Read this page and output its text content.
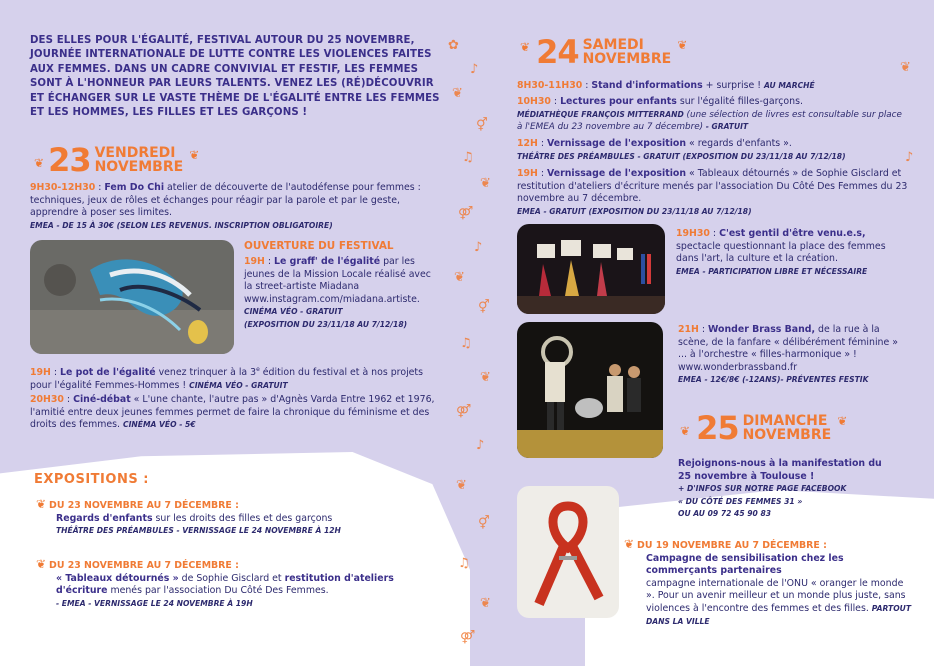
✿
♪
❦
⚥
♫
❦
⚤
♪
❦
⚥
♫
❦
⚤
♪
❦
⚥
♫
❦
⚤
❦
♪
DES ELLES POUR L'ÉGALITÉ, FESTIVAL AUTOUR DU 25 NOVEMBRE, JOURNÉE INTERNATIONALE DE LUTTE CONTRE LES VIOLENCES FAITES AUX FEMMES. DANS UN CADRE CONVIVIAL ET FESTIF, LES FEMMES SONT À L'HONNEUR PAR LEURS TALENTS. VENEZ LES (RÉ)DÉCOUVRIR ET ÉCHANGER SUR LE VASTE THÈME DE L'ÉGALITÉ ENTRE LES FEMMES ET LES HOMMES, LES FILLES ET LES GARÇONS !
❦ 23 VENDREDI
NOVEMBRE
❦
9H30-12H30 : Fem Do Chi atelier de découverte de l'autodéfense pour femmes : techniques, jeux de rôles et échanges pour réagir par la parole et par le geste, apprendre à poser ses limites.
EMEA - DE 15 À 30€ (SELON LES REVENUS. INSCRIPTION OBLIGATOIRE)
OUVERTURE DU FESTIVAL
19H : Le graff' de l'égalité par les jeunes de la Mission Locale réalisé avec la street-artiste Miadana www.instagram.com/miadana.artiste.
CINÉMA VÉO - GRATUIT
(EXPOSITION DU 23/11/18 AU 7/12/18)
19H : Le pot de l'égalité venez trinquer à la 3e édition du festival et à nos projets pour l'égalité Femmes-Hommes ! CINÉMA VÉO - GRATUIT
20H30 : Ciné-débat « L'une chante, l'autre pas » d'Agnès Varda Entre 1962 et 1976, l'amitié entre deux jeunes femmes permet de faire la chronique du féminisme et des droits des femmes. CINÉMA VÉO - 5€
EXPOSITIONS :
❦ DU 23 NOVEMBRE AU 7 DÉCEMBRE :
Regards d'enfants sur les droits des filles et des garçons
THÉÂTRE DES PRÉAMBULES - VERNISSAGE LE 24 NOVEMBRE À 12H
❦ DU 23 NOVEMBRE AU 7 DÉCEMBRE :
« Tableaux détournés » de Sophie Gisclard et restitution d'ateliers d'écriture menés par l'association Du Côté Des Femmes.
- EMEA - VERNISSAGE LE 24 NOVEMBRE À 19H
❦ 24 SAMEDI
NOVEMBRE
❦
8H30-11H30 : Stand d'informations + surprise ! AU MARCHÉ
10H30 : Lectures pour enfants sur l'égalité filles-garçons.
MÉDIATHÈQUE FRANÇOIS MITTERRAND (une sélection de livres est consultable sur place à l'EMEA du 23 novembre au 7 décembre) - GRATUIT
12H : Vernissage de l'exposition « regards d'enfants ».
THÉÂTRE DES PRÉAMBULES - GRATUIT (EXPOSITION DU 23/11/18 AU 7/12/18)
19H : Vernissage de l'exposition « Tableaux détournés » de Sophie Gisclard et restitution d'ateliers d'écriture menés par l'association Du Côté Des Femmes du 23 novembre au 7 décembre.
EMEA - GRATUIT (EXPOSITION DU 23/11/18 AU 7/12/18)
19H30 : C'est gentil d'être venu.e.s, spectacle questionnant la place des femmes dans l'art, la culture et la création.
EMEA - PARTICIPATION LIBRE ET NÉCESSAIRE
21H : Wonder Brass Band, de la rue à la scène, de la fanfare « délibérément féminine » ... à l'orchestre « filles-harmonique » ! www.wonderbrassband.fr
EMEA - 12€/8€ (-12ANS)- PRÉVENTES FESTIK
❦ 25 DIMANCHE
NOVEMBRE
❦
Rejoignons-nous à la manifestation du 25 novembre à Toulouse !
+ D'INFOS SUR NOTRE PAGE FACEBOOK
« DU CÔTÉ DES FEMMES 31 »
OU AU 09 72 45 90 83
❦ DU 19 NOVEMBRE AU 7 DÉCEMBRE :

Campagne de sensibilisation chez les commerçants partenaires
campagne internationale de l'ONU « oranger le monde ». Pour un avenir meilleur et un monde plus juste, sans violences à l'encontre des femmes et des filles. PARTOUT DANS LA VILLE
